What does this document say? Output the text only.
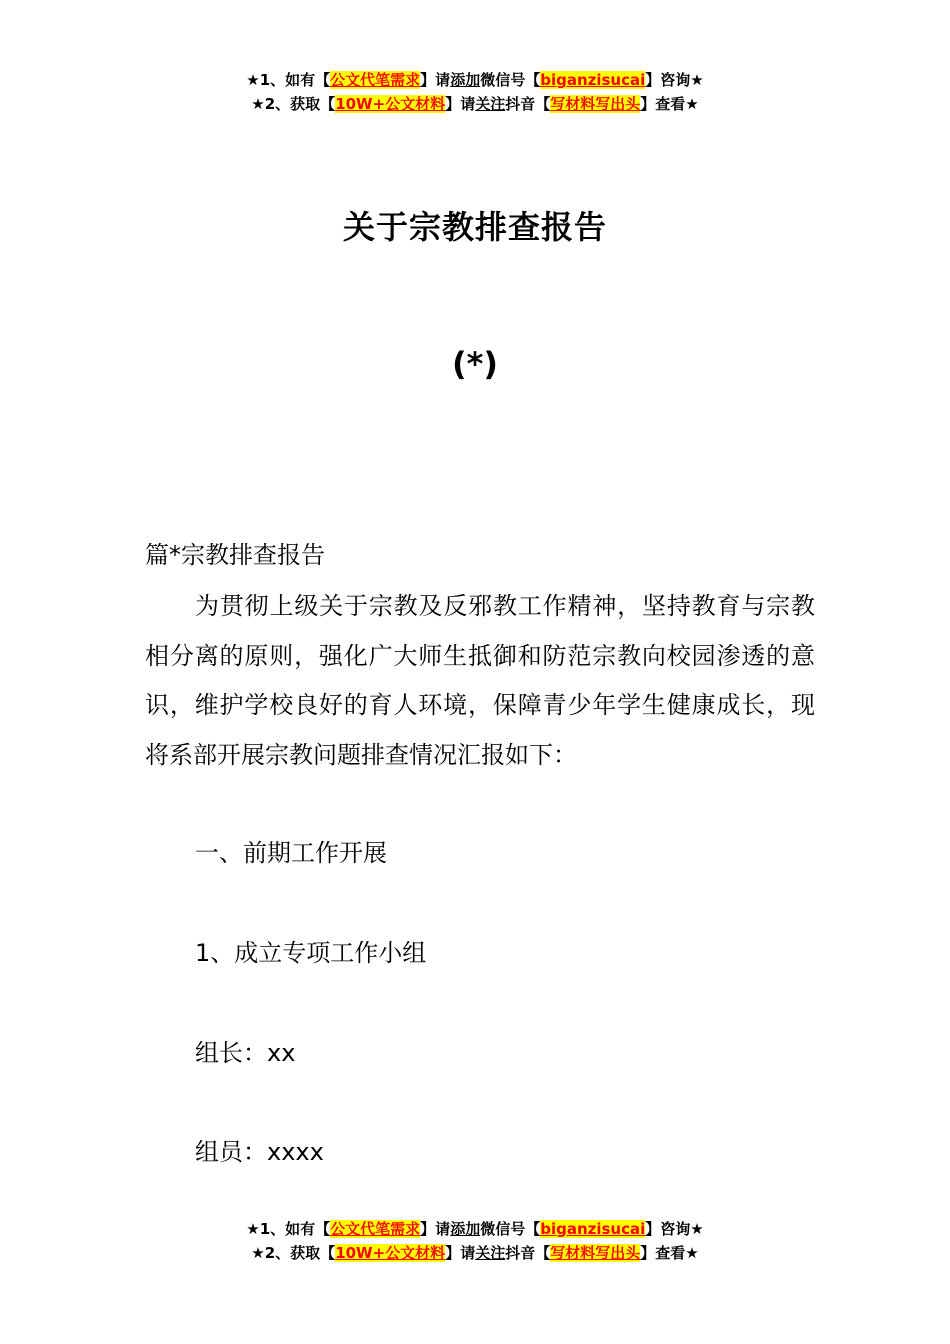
★1、如有【公文代笔需求】请添加微信号【biganzisucai】咨询★
★2、获取【10W+公文材料】请关注抖音【写材料写出头】查看★
关于宗教排查报告
(*)
篇*宗教排查报告

为贯彻上级关于宗教及反邪教工作精神，坚持教育与宗教相分离的原则，强化广大师生抵御和防范宗教向校园渗透的意识，维护学校良好的育人环境，保障青少年学生健康成长，现将系部开展宗教问题排查情况汇报如下：

一、前期工作开展
1、成立专项工作小组
组长：xx
组员：xxxx
★1、如有【公文代笔需求】请添加微信号【biganzisucai】咨询★
★2、获取【10W+公文材料】请关注抖音【写材料写出头】查看★
